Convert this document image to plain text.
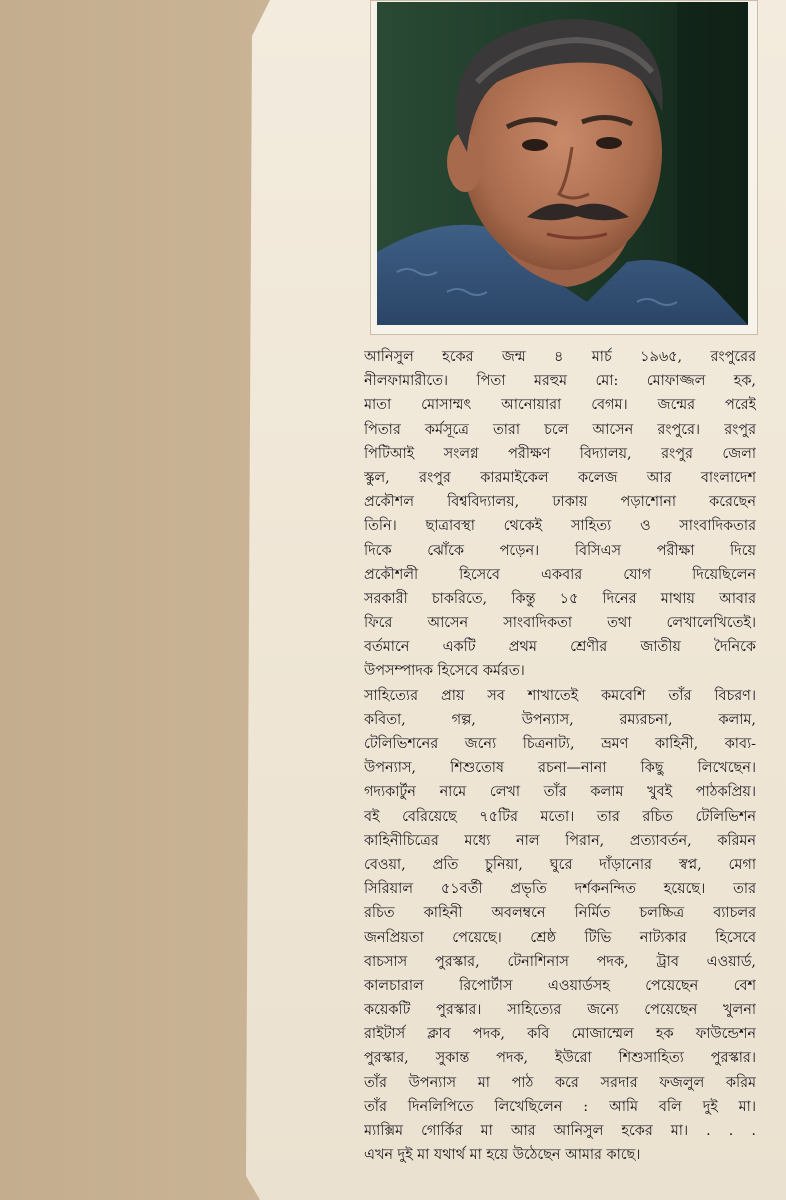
আনিসুল হকের জন্ম ৪ মার্চ ১৯৬৫, রংপুরের

নীলফামারীতে। পিতা মরহুম মো: মোফাজ্জল হক,

মাতা মোসাম্মৎ আনোয়ারা বেগম। জন্মের পরেই

পিতার কর্মসূত্রে তারা চলে আসেন রংপুরে। রংপুর

পিটিআই সংলগ্ন পরীক্ষণ বিদ্যালয়, রংপুর জেলা

স্কুল, রংপুর কারমাইকেল কলেজ আর বাংলাদেশ

প্রকৌশল বিশ্ববিদ্যালয়, ঢাকায় পড়াশোনা করেছেন

তিনি। ছাত্রাবস্থা থেকেই সাহিত্য ও সাংবাদিকতার

দিকে ঝোঁকে পড়েন। বিসিএস পরীক্ষা দিয়ে

প্রকৌশলী হিসেবে একবার যোগ দিয়েছিলেন

সরকারী চাকরিতে, কিন্তু ১৫ দিনের মাথায় আবার

ফিরে আসেন সাংবাদিকতা তথা লেখালেখিতেই।

বর্তমানে একটি প্রথম শ্রেণীর জাতীয় দৈনিকে

উপসম্পাদক হিসেবে কর্মরত।

সাহিত্যের প্রায় সব শাখাতেই কমবেশি তাঁর বিচরণ।

কবিতা, গল্প, উপন্যাস, রম্যরচনা, কলাম,

টেলিভিশনের জন্যে চিত্রনাট্য, ভ্রমণ কাহিনী, কাব্য-

উপন্যাস, শিশুতোষ রচনা—নানা কিছু লিখেছেন।

গদ্যকার্টুন নামে লেখা তাঁর কলাম খুবই পাঠকপ্রিয়।

বই বেরিয়েছে ৭৫টির মতো। তার রচিত টেলিভিশন

কাহিনীচিত্রের মধ্যে নাল পিরান, প্রত্যাবর্তন, করিমন

বেওয়া, প্রতি চুনিয়া, ঘুরে দাঁড়ানোর স্বপ্ন, মেগা

সিরিয়াল ৫১বর্তী প্রভৃতি দর্শকনন্দিত হয়েছে। তার

রচিত কাহিনী অবলম্বনে নির্মিত চলচ্চিত্র ব্যাচলর

জনপ্রিয়তা পেয়েছে। শ্রেষ্ঠ টিভি নাট্যকার হিসেবে

বাচসাস পুরস্কার, টেনাশিনাস পদক, ট্রাব এওয়ার্ড,

কালচারাল রিপোর্টাস এওয়ার্ডসহ পেয়েছেন বেশ

কয়েকটি পুরস্কার। সাহিত্যের জন্যে পেয়েছেন খুলনা

রাইটার্স ক্লাব পদক, কবি মোজাম্মেল হক ফাউন্ডেশন

পুরস্কার, সুকান্ত পদক, ইউরো শিশুসাহিত্য পুরস্কার।

তাঁর উপন্যাস মা পাঠ করে সরদার ফজলুল করিম

তাঁর দিনলিপিতে লিখেছিলেন : আমি বলি দুই মা।

ম্যাক্সিম গোর্কির মা আর আনিসুল হকের মা। . . .

এখন দুই মা যথার্থ মা হয়ে উঠেছেন আমার কাছে।
